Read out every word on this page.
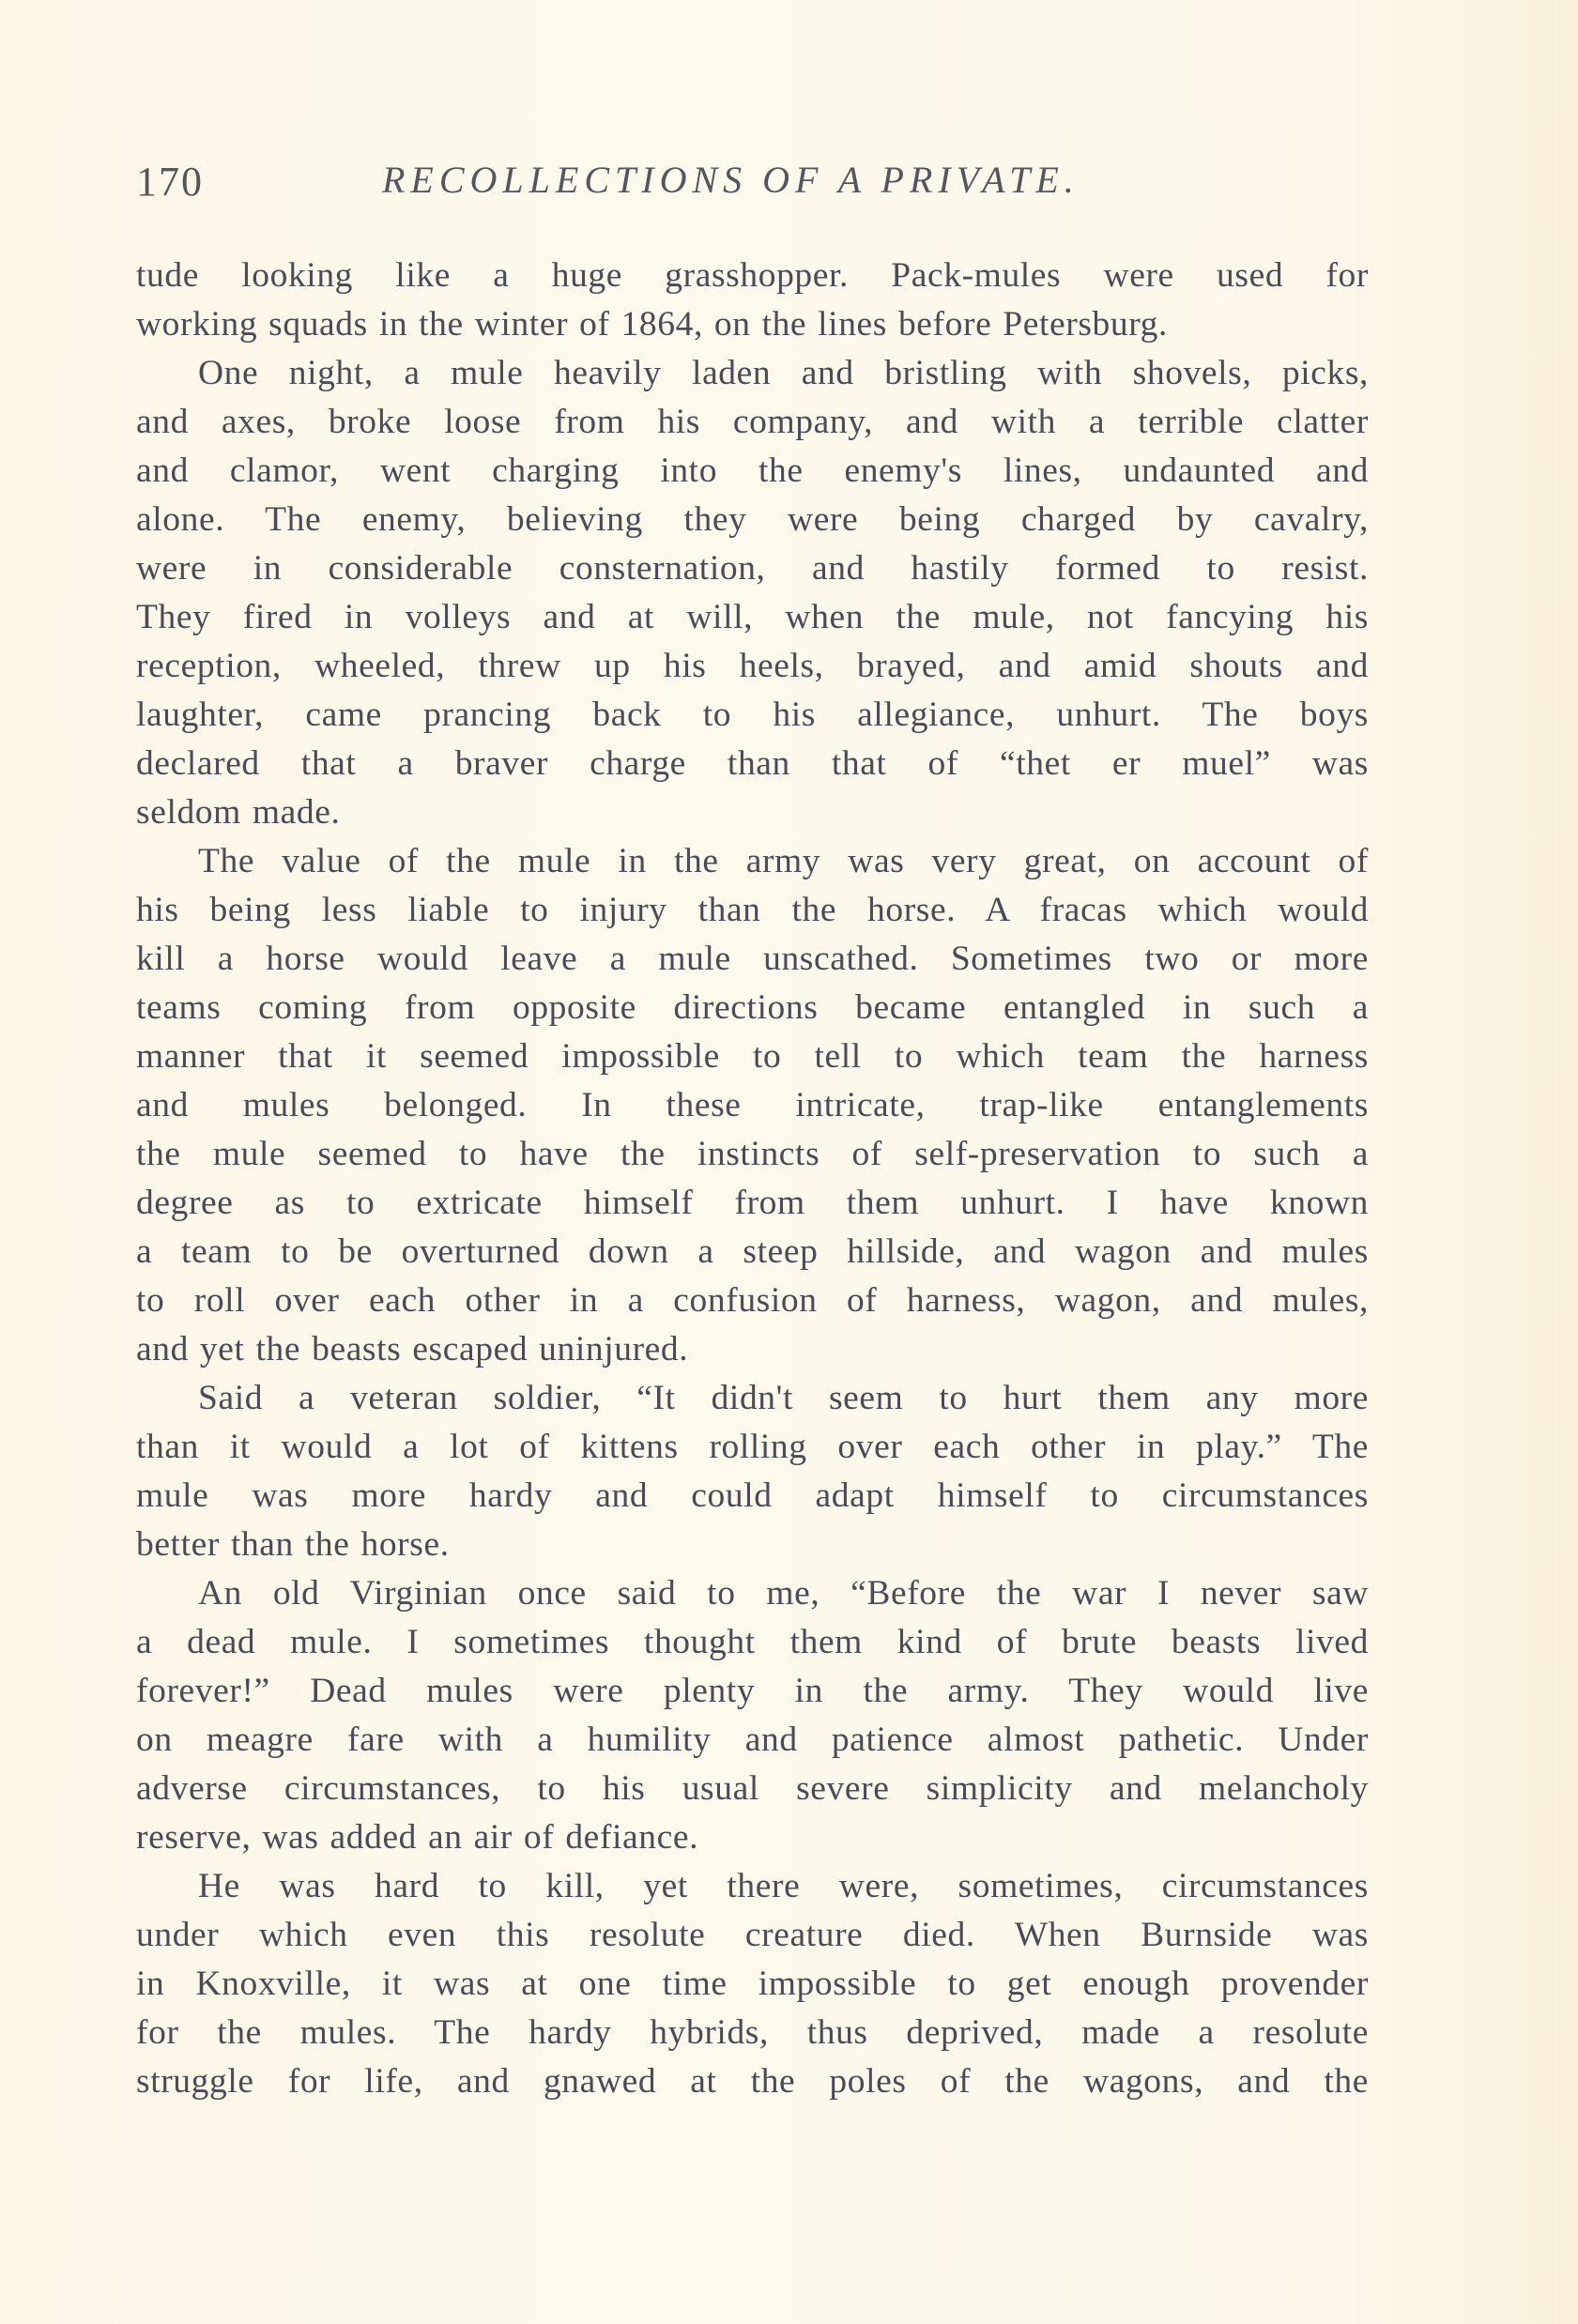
170	RECOLLECTIONS OF A PRIVATE.
tude looking like a huge grasshopper. Pack-mules were used for
working squads in the winter of 1864, on the lines before Petersburg.
One night, a mule heavily laden and bristling with shovels, picks,
and axes, broke loose from his company, and with a terrible clatter
and clamor, went charging into the enemy's lines, undaunted and
alone. The enemy, believing they were being charged by cavalry,
were in considerable consternation, and hastily formed to resist.
They fired in volleys and at will, when the mule, not fancying his
reception, wheeled, threw up his heels, brayed, and amid shouts and
laughter, came prancing back to his allegiance, unhurt. The boys
declared that a braver charge than that of “thet er muel” was
seldom made.
The value of the mule in the army was very great, on account of
his being less liable to injury than the horse. A fracas which would
kill a horse would leave a mule unscathed. Sometimes two or more
teams coming from opposite directions became entangled in such a
manner that it seemed impossible to tell to which team the harness
and mules belonged. In these intricate, trap-like entanglements
the mule seemed to have the instincts of self-preservation to such a
degree as to extricate himself from them unhurt. I have known
a team to be overturned down a steep hillside, and wagon and mules
to roll over each other in a confusion of harness, wagon, and mules,
and yet the beasts escaped uninjured.
Said a veteran soldier, “It didn't seem to hurt them any more
than it would a lot of kittens rolling over each other in play.” The
mule was more hardy and could adapt himself to circumstances
better than the horse.
An old Virginian once said to me, “Before the war I never saw
a dead mule. I sometimes thought them kind of brute beasts lived
forever!” Dead mules were plenty in the army. They would live
on meagre fare with a humility and patience almost pathetic. Under
adverse circumstances, to his usual severe simplicity and melancholy
reserve, was added an air of defiance.
He was hard to kill, yet there were, sometimes, circumstances
under which even this resolute creature died. When Burnside was
in Knoxville, it was at one time impossible to get enough provender
for the mules. The hardy hybrids, thus deprived, made a resolute
struggle for life, and gnawed at the poles of the wagons, and the
